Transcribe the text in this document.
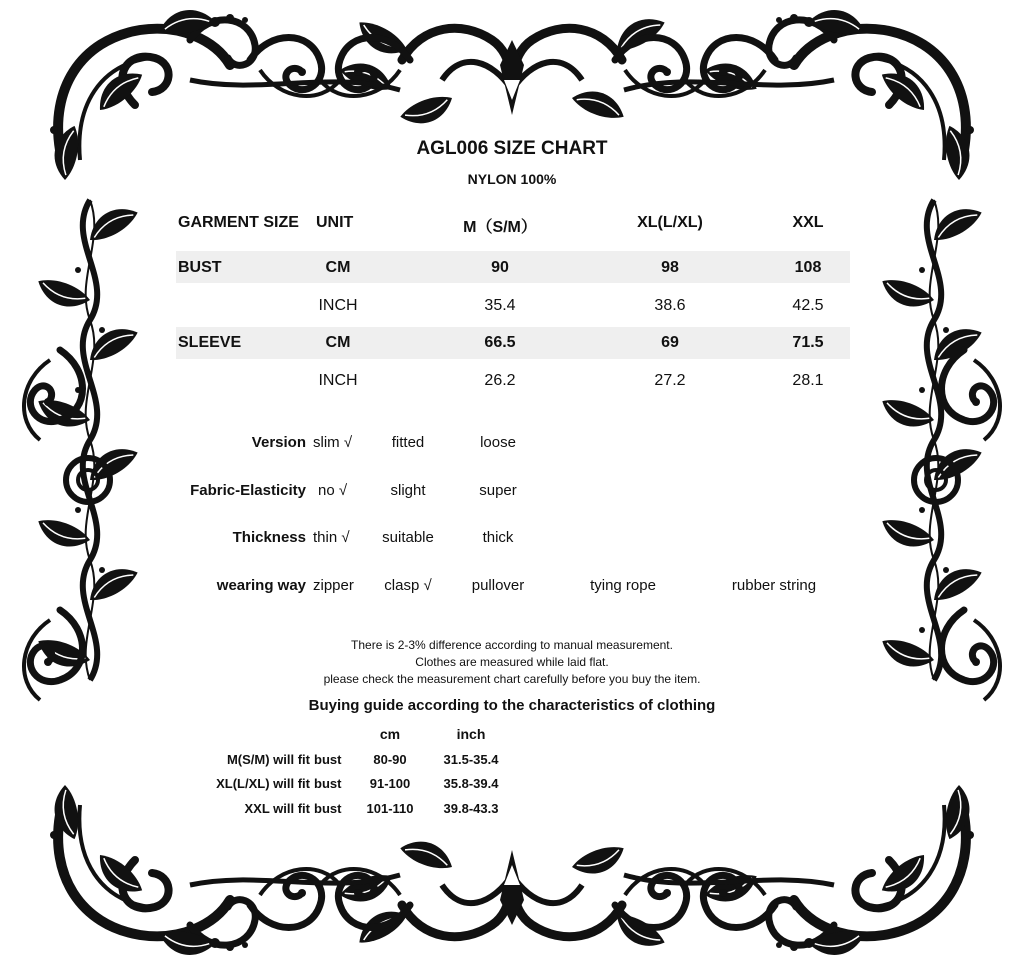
AGL006 SIZE CHART
NYLON 100%
GARMENT SIZE UNIT	M（S/M）	XL(L/XL)	XXL
BUST	CM	90	98	108
INCH	35.4	38.6	42.5
SLEEVE	CM	66.5	69	71.5
INCH	26.2	27.2	28.1
Version slim √	fitted	loose
Fabric-Elasticity no √	slight	super
Thickness thin √	suitable	thick
wearing way zipper	clasp √	pullover	tying rope	rubber string
There is 2-3% difference according to manual measurement.
Clothes are measured while laid flat.
please check the measurement chart carefully before you buy the item.
Buying guide according to the characteristics of clothing
cm	inch
M(S/M) will fit bust	80-90	31.5-35.4
XL(L/XL) will fit bust	91-100	35.8-39.4
XXL will fit bust	101-110	39.8-43.3
